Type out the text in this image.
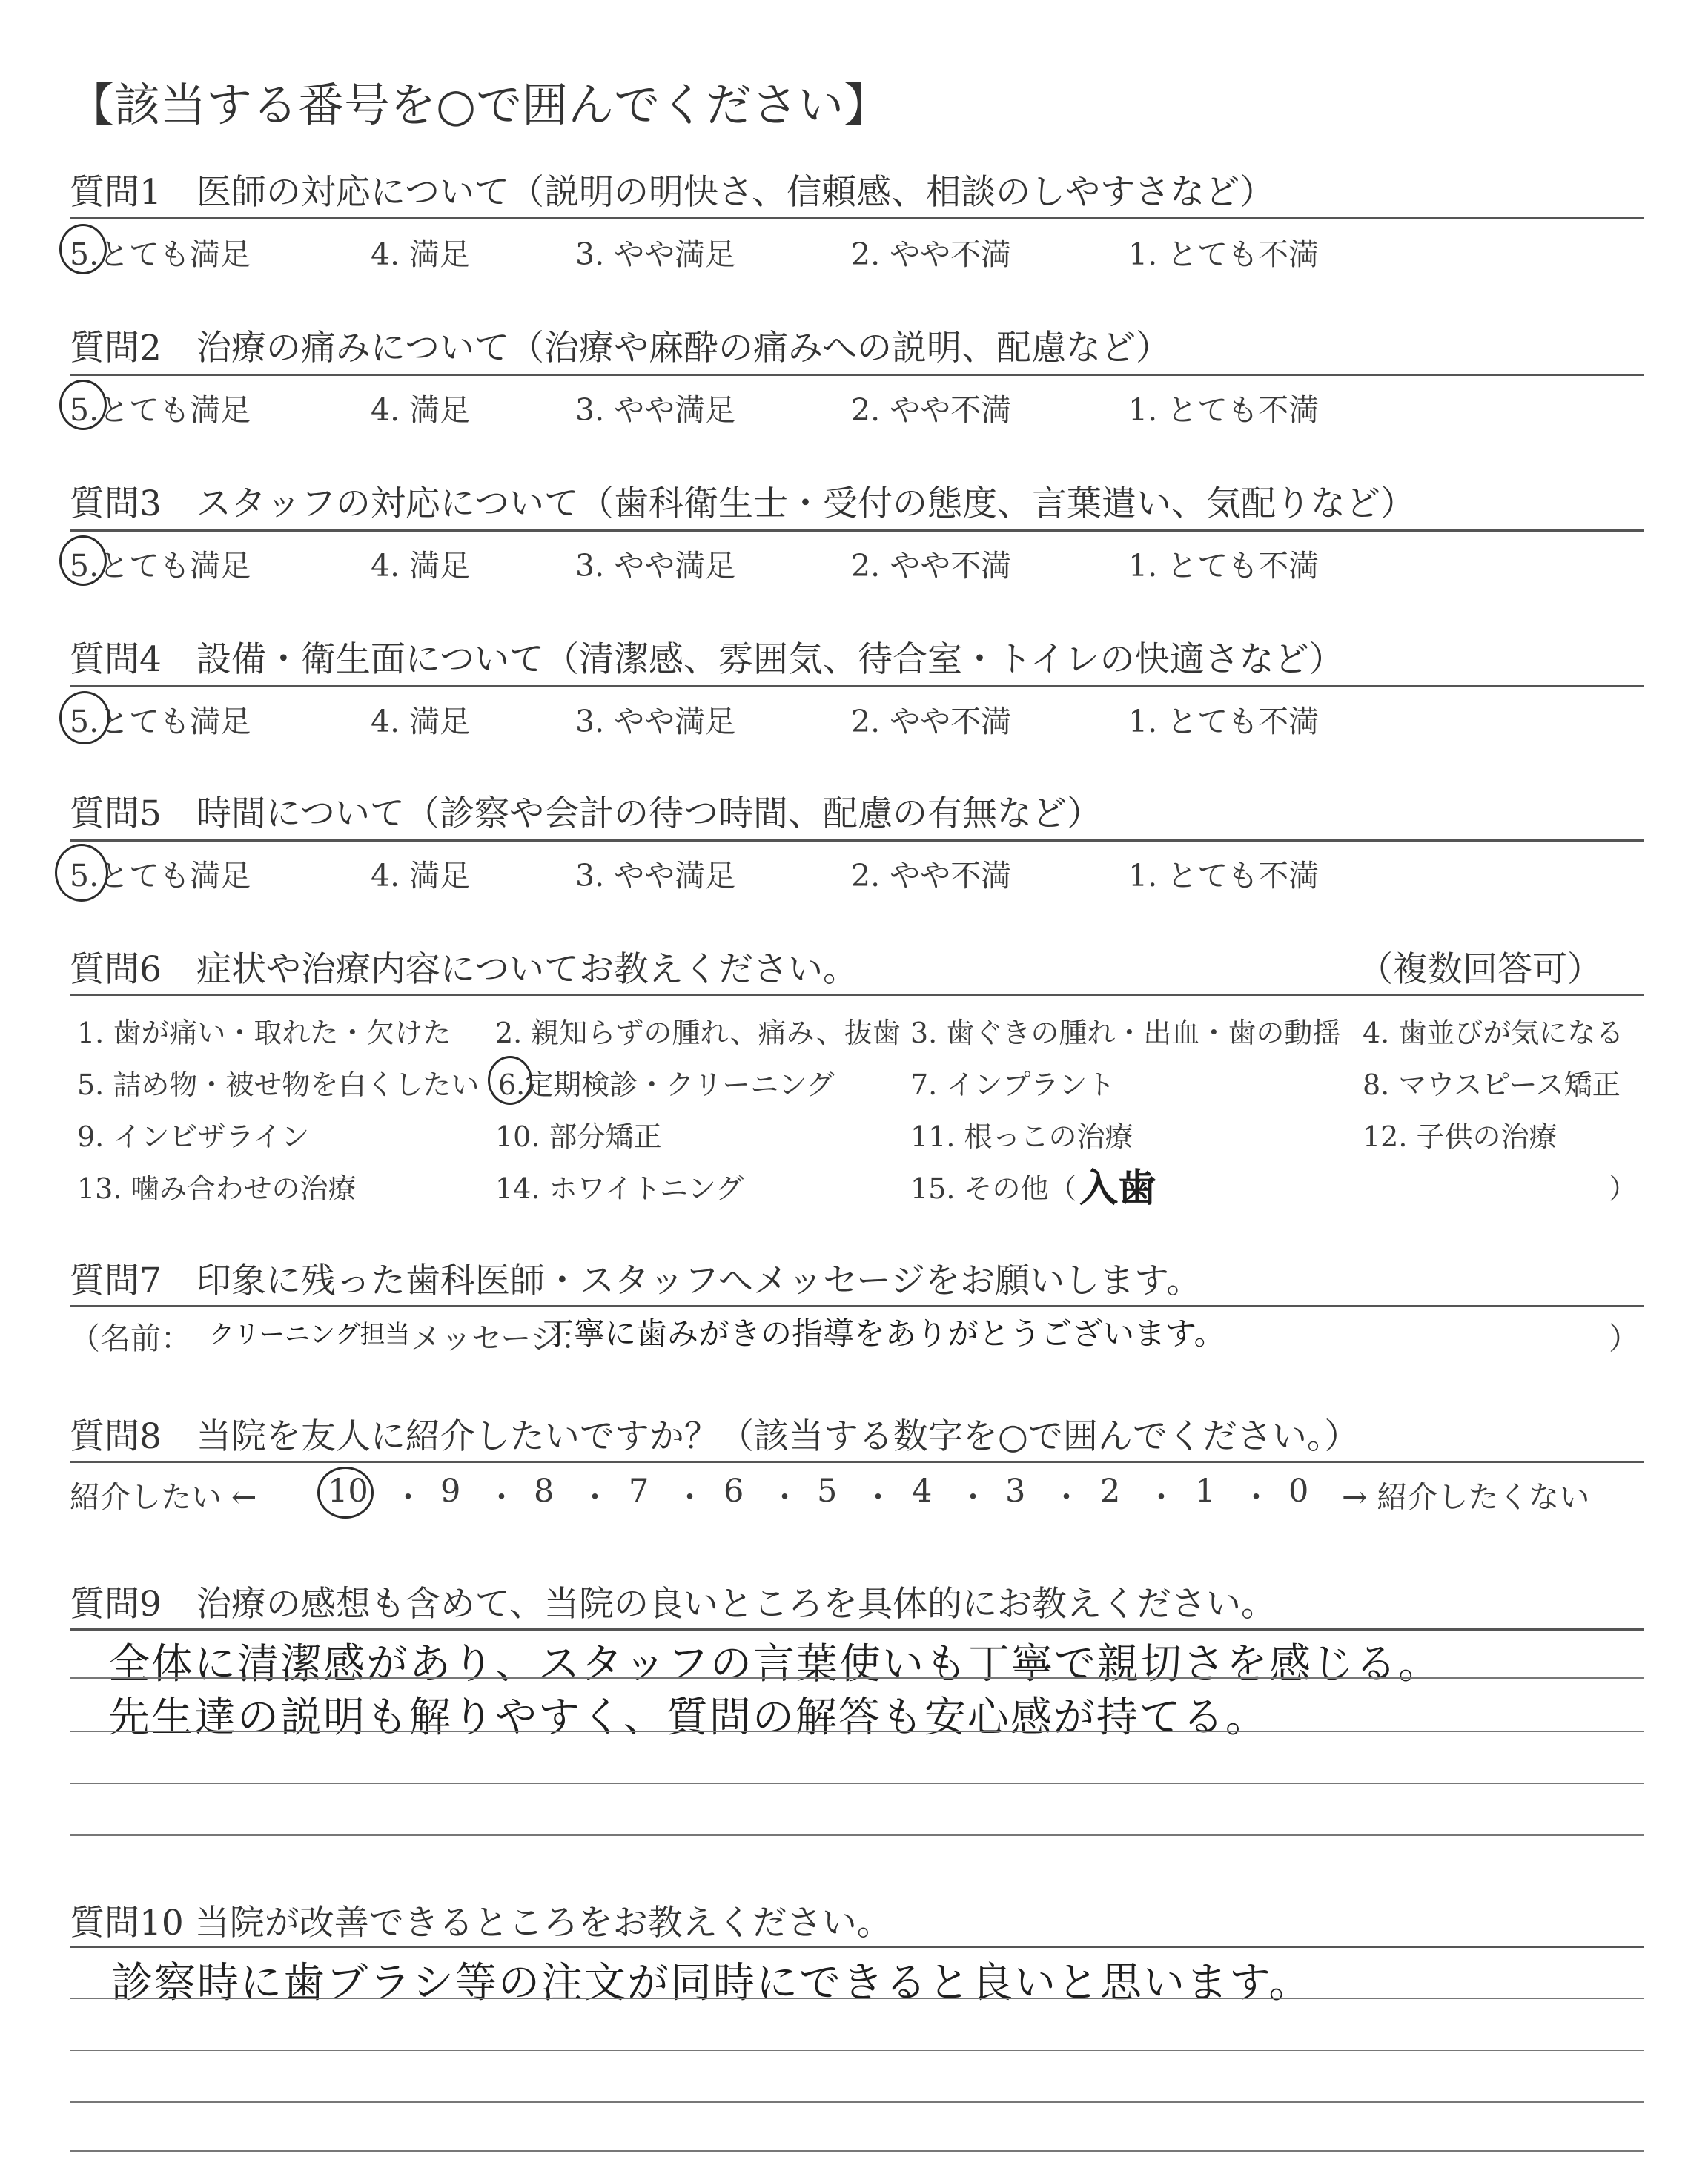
【該当する番号を○で囲んでください】
質問1　医師の対応について（説明の明快さ、信頼感、相談のしやすさなど）
5.とても満足	4. 満足	3. やや満足	2. やや不満	1. とても不満
質問2　治療の痛みについて（治療や麻酔の痛みへの説明、配慮など）
5.とても満足	4. 満足	3. やや満足	2. やや不満	1. とても不満
質問3　スタッフの対応について（歯科衛生士・受付の態度、言葉遣い、気配りなど）
5.とても満足	4. 満足	3. やや満足	2. やや不満	1. とても不満
質問4　設備・衛生面について（清潔感、雰囲気、待合室・トイレの快適さなど）
5.とても満足	4. 満足	3. やや満足	2. やや不満	1. とても不満
質問5　時間について（診察や会計の待つ時間、配慮の有無など）
5.とても満足	4. 満足	3. やや満足	2. やや不満	1. とても不満
質問6　症状や治療内容についてお教えください。	（複数回答可）
1. 歯が痛い・取れた・欠けた 2. 親知らずの腫れ、痛み、抜歯 3. 歯ぐきの腫れ・出血・歯の動揺 4. 歯並びが気になる
5. 詰め物・被せ物を白くしたい 6.定期検診・クリーニング	7. インプラント	8. マウスピース矯正
9. インビザライン	10. 部分矯正	11. 根っこの治療	12. 子供の治療
13. 噛み合わせの治療	14. ホワイトニング	15. その他（ 入歯	）
質問7　印象に残った歯科医師・スタッフへメッセージをお願いします。
（名前： クリーニング担当 メッセージ：
丁寧に歯みがきの指導をありがとうございます。	）
質問8　当院を友人に紹介したいですか？（該当する数字を○で囲んでください。）
紹介したい ← 10 ・ 9 ・ 8 ・ 7 ・ 6 ・ 5 ・ 4 ・ 3 ・ 2 ・ 1 ・ 0 → 紹介したくない
質問9　治療の感想も含めて、当院の良いところを具体的にお教えください。
全体に清潔感があり、スタッフの言葉使いも丁寧で親切さを感じる。
先生達の説明も解りやすく、質問の解答も安心感が持てる。
質問10 当院が改善できるところをお教えください。
診察時に歯ブラシ等の注文が同時にできると良いと思います。
